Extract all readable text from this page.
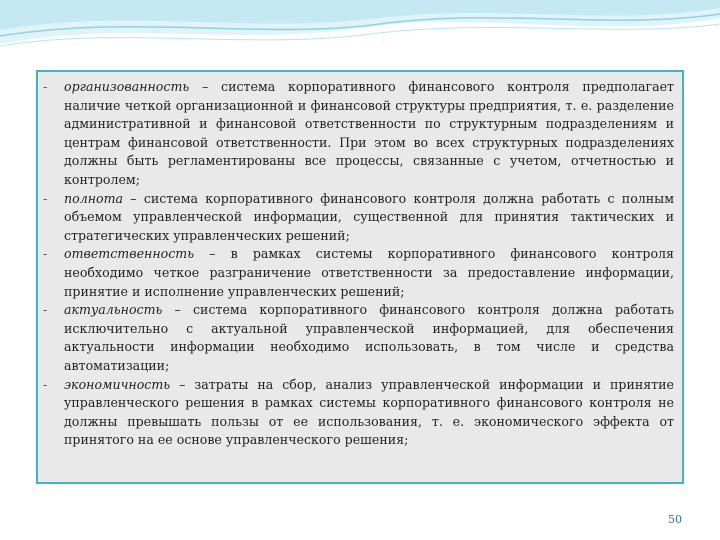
- организованность – система корпоративного финансового контроля предполагает наличие четкой организационной и финансовой структуры предприятия, т. е. разделение административной и финансовой ответственности по структурным подразделениям и центрам финансовой ответственности. При этом во всех структурных подразделениях должны быть регламентированы все процессы, связанные с учетом, отчетностью и контролем;
- полнота – система корпоративного финансового контроля должна работать с полным объемом управленческой информации, существенной для принятия тактических и стратегических управленческих решений;
- ответственность – в рамках системы корпоративного финансового контроля необходимо четкое разграничение ответственности за предоставление информации, принятие и исполнение управленческих решений;
- актуальность – система корпоративного финансового контроля должна работать исключительно с актуальной управленческой информацией, для обеспечения актуальности информации необходимо использовать, в том числе и средства автоматизации;
- экономичность – затраты на сбор, анализ управленческой информации и принятие управленческого решения в рамках системы корпоративного финансового контроля не должны превышать пользы от ее использования, т. е. экономического эффекта от принятого на ее основе управленческого решения;
50
